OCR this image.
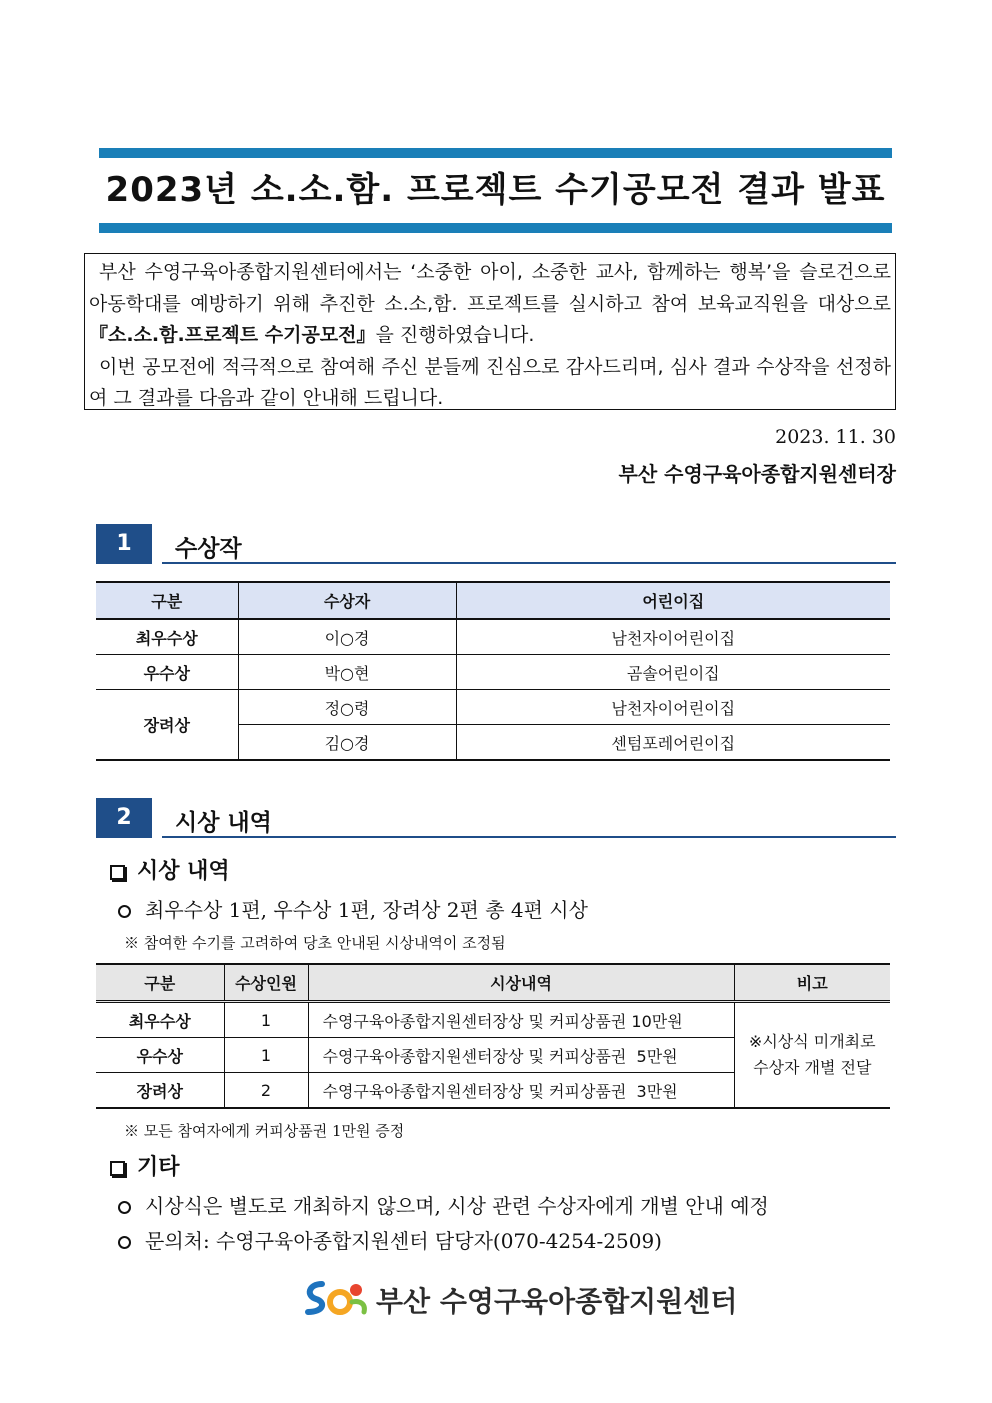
2023년 소.소.함. 프로젝트 수기공모전 결과 발표

부산 수영구육아종합지원센터에서는 ‘소중한 아이, 소중한 교사, 함께하는 행복’을 슬로건으로 아동학대를 예방하기 위해 추진한 소.소,함. 프로젝트를 실시하고 참여 보육교직원을 대상으로 『소.소.함.프로젝트 수기공모전』을 진행하였습니다.

이번 공모전에 적극적으로 참여해 주신 분들께 진심으로 감사드리며, 심사 결과 수상작을 선정하여 그 결과를 다음과 같이 안내해 드립니다.

2023. 11. 30
부산 수영구육아종합지원센터장
1	수상작
구분	수상자	어린이집
최우수상	이○경	남천자이어린이집
우수상	박○현	곰솔어린이집
장려상	정○령	남천자이어린이집
	김○경	센텀포레어린이집
2	시상 내역
시상 내역
최우수상 1편, 우수상 1편, 장려상 2편 총 4편 시상
※ 참여한 수기를 고려하여 당초 안내된 시상내역이 조정됨
구분	수상인원	시상내역	비고
최우수상	1	수영구육아종합지원센터장상 및 커피상품권 10만원	※시상식 미개최로
수상자 개별 전달
우수상	1	수영구육아종합지원센터장상 및 커피상품권  5만원	
장려상	2	수영구육아종합지원센터장상 및 커피상품권  3만원	
※ 모든 참여자에게 커피상품권 1만원 증정
기타
시상식은 별도로 개최하지 않으며, 시상 관련 수상자에게 개별 안내 예정
문의처: 수영구육아종합지원센터 담당자(070-4254-2509)
부산 수영구육아종합지원센터
